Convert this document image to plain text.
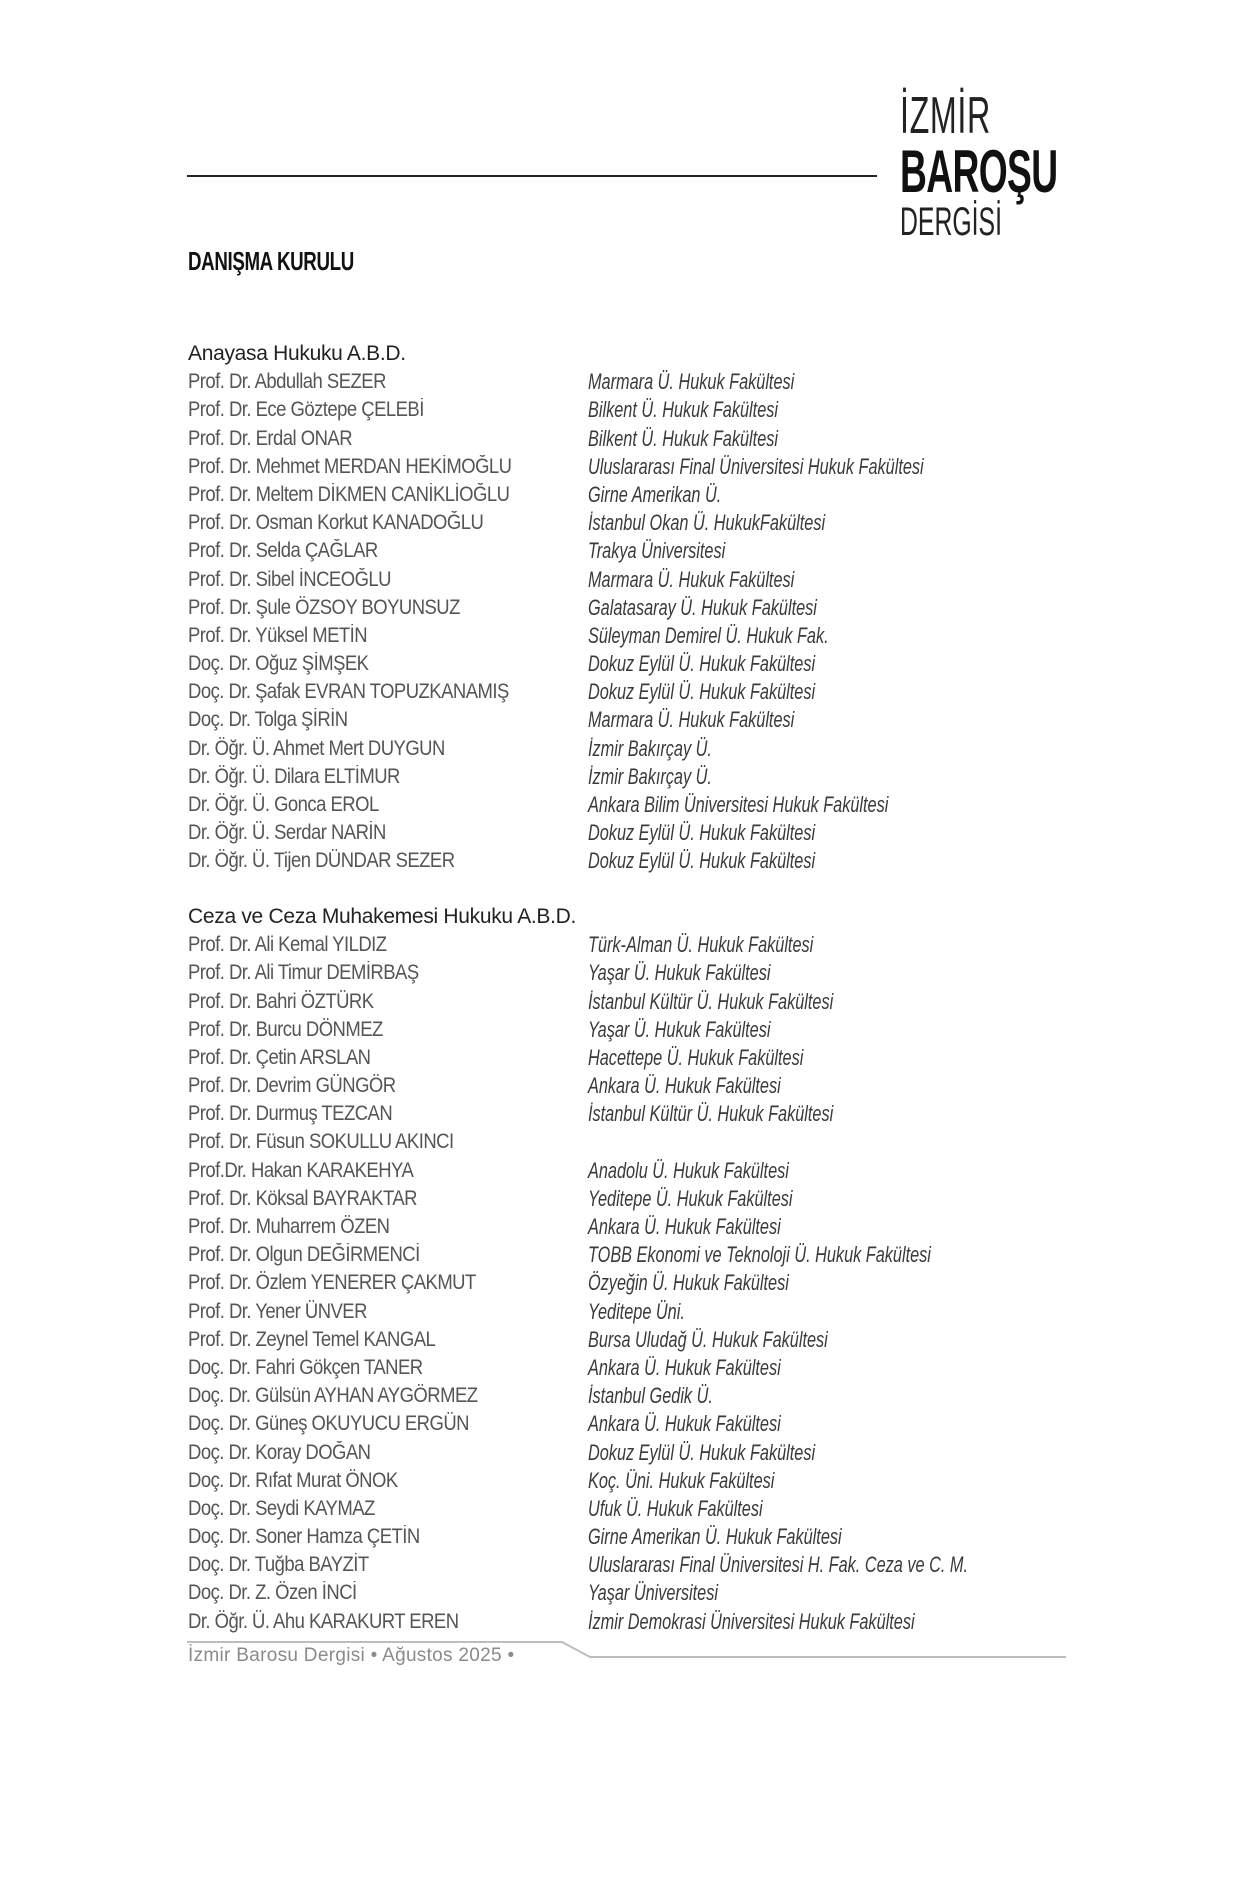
İZMİR
BAROŞU
DERGİSİ
DANIŞMA KURULU
Anayasa Hukuku A.B.D.
Prof. Dr. Abdullah SEZER	Marmara Ü. Hukuk Fakültesi
Prof. Dr. Ece Göztepe ÇELEBİ	Bilkent Ü. Hukuk Fakültesi
Prof. Dr. Erdal ONAR	Bilkent Ü. Hukuk Fakültesi
Prof. Dr. Mehmet MERDAN HEKİMOĞLU	Uluslararası Final Üniversitesi Hukuk Fakültesi
Prof. Dr. Meltem DİKMEN CANİKLİOĞLU	Girne Amerikan Ü.
Prof. Dr. Osman Korkut KANADOĞLU	İstanbul Okan Ü. HukukFakültesi
Prof. Dr. Selda ÇAĞLAR	Trakya Üniversitesi
Prof. Dr. Sibel İNCEOĞLU	Marmara Ü. Hukuk Fakültesi
Prof. Dr. Şule ÖZSOY BOYUNSUZ	Galatasaray Ü. Hukuk Fakültesi
Prof. Dr. Yüksel METİN	Süleyman Demirel Ü. Hukuk Fak.
Doç. Dr. Oğuz ŞİMŞEK	Dokuz Eylül Ü. Hukuk Fakültesi
Doç. Dr. Şafak EVRAN TOPUZKANAMIŞ	Dokuz Eylül Ü. Hukuk Fakültesi
Doç. Dr. Tolga ŞİRİN	Marmara Ü. Hukuk Fakültesi
Dr. Öğr. Ü. Ahmet Mert DUYGUN	İzmir Bakırçay Ü.
Dr. Öğr. Ü. Dilara ELTİMUR	İzmir Bakırçay Ü.
Dr. Öğr. Ü. Gonca EROL	Ankara Bilim Üniversitesi Hukuk Fakültesi
Dr. Öğr. Ü. Serdar NARİN	Dokuz Eylül Ü. Hukuk Fakültesi
Dr. Öğr. Ü. Tijen DÜNDAR SEZER	Dokuz Eylül Ü. Hukuk Fakültesi
Ceza ve Ceza Muhakemesi Hukuku A.B.D.
Prof. Dr. Ali Kemal YILDIZ	Türk-Alman Ü. Hukuk Fakültesi
Prof. Dr. Ali Timur DEMİRBAŞ	Yaşar Ü. Hukuk Fakültesi
Prof. Dr. Bahri ÖZTÜRK	İstanbul Kültür Ü. Hukuk Fakültesi
Prof. Dr. Burcu DÖNMEZ	Yaşar Ü. Hukuk Fakültesi
Prof. Dr. Çetin ARSLAN	Hacettepe Ü. Hukuk Fakültesi
Prof. Dr. Devrim GÜNGÖR	Ankara Ü. Hukuk Fakültesi
Prof. Dr. Durmuş TEZCAN	İstanbul Kültür Ü. Hukuk Fakültesi
Prof. Dr. Füsun SOKULLU AKINCI
Prof.Dr. Hakan KARAKEHYA	Anadolu Ü. Hukuk Fakültesi
Prof. Dr. Köksal BAYRAKTAR	Yeditepe Ü. Hukuk Fakültesi
Prof. Dr. Muharrem ÖZEN	Ankara Ü. Hukuk Fakültesi
Prof. Dr. Olgun DEĞİRMENCİ	TOBB Ekonomi ve Teknoloji Ü. Hukuk Fakültesi
Prof. Dr. Özlem YENERER ÇAKMUT	Özyeğin Ü. Hukuk Fakültesi
Prof. Dr. Yener ÜNVER	Yeditepe Üni.
Prof. Dr. Zeynel Temel KANGAL	Bursa Uludağ Ü. Hukuk Fakültesi
Doç. Dr. Fahri Gökçen TANER	Ankara Ü. Hukuk Fakültesi
Doç. Dr. Gülsün AYHAN AYGÖRMEZ	İstanbul Gedik Ü.
Doç. Dr. Güneş OKUYUCU ERGÜN	Ankara Ü. Hukuk Fakültesi
Doç. Dr. Koray DOĞAN	Dokuz Eylül Ü. Hukuk Fakültesi
Doç. Dr. Rıfat Murat ÖNOK	Koç. Üni. Hukuk Fakültesi
Doç. Dr. Seydi KAYMAZ	Ufuk Ü. Hukuk Fakültesi
Doç. Dr. Soner Hamza ÇETİN	Girne Amerikan Ü. Hukuk Fakültesi
Doç. Dr. Tuğba BAYZİT	Uluslararası Final Üniversitesi H. Fak. Ceza ve C. M.
Doç. Dr. Z. Özen İNCİ	Yaşar Üniversitesi
Dr. Öğr. Ü. Ahu KARAKURT EREN	İzmir Demokrasi Üniversitesi Hukuk Fakültesi
İzmir Barosu Dergisi • Ağustos 2025 •
